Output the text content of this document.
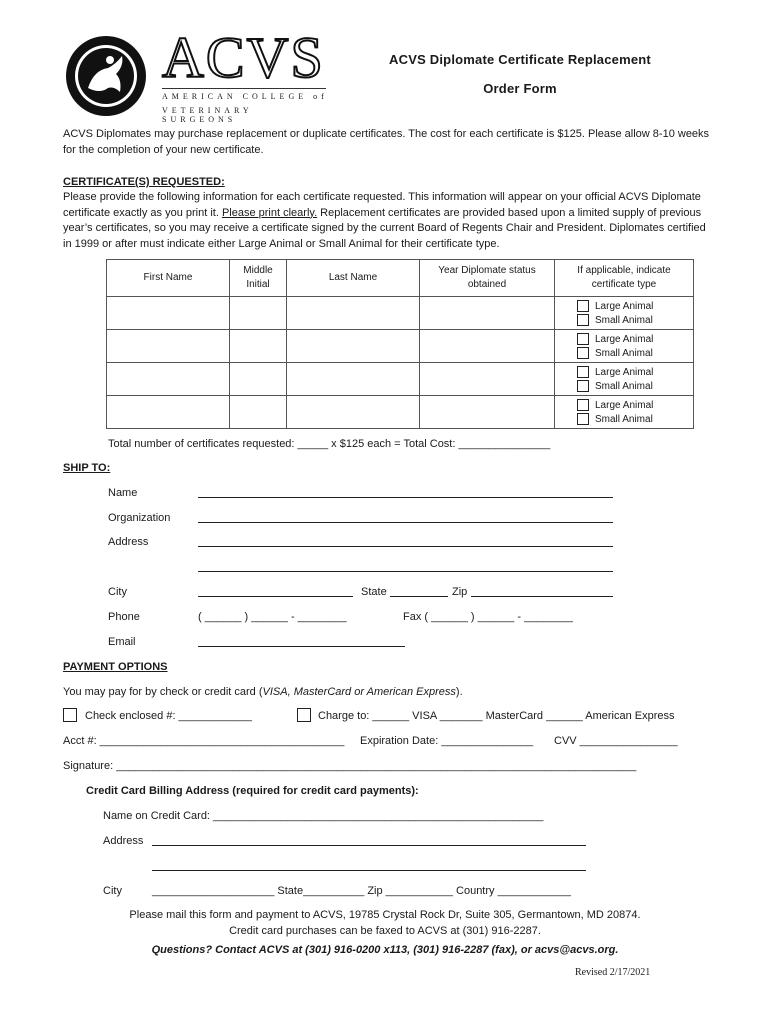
ACVS
AMERICAN COLLEGE of
VETERINARY SURGEONS
ACVS Diplomate Certificate Replacement
Order Form
ACVS Diplomates may purchase replacement or duplicate certificates. The cost for each certificate is $125. Please allow 8-10 weeks for the completion of your new certificate.
CERTIFICATE(S) REQUESTED:
Please provide the following information for each certificate requested. This information will appear on your official ACVS Diplomate certificate exactly as you print it. Please print clearly. Replacement certificates are provided based upon a limited supply of previous year’s certificates, so you may receive a certificate signed by the current Board of Regents Chair and President. Diplomates certified in 1999 or after must indicate either Large Animal or Small Animal for their certificate type.
First Name	Middle Initial	Last Name	Year Diplomate status obtained	If applicable, indicate certificate type

				Large Animal
Small Animal

				Large Animal
Small Animal

				Large Animal
Small Animal

				Large Animal
Small Animal
Total number of certificates requested: _____ x $125 each = Total Cost: _______________
SHIP TO:
Name
Organization
Address
City	State	Zip
Phone	( ______ ) ______ - ________	Fax ( ______ ) ______ - ________
Email
PAYMENT OPTIONS
You may pay for by check or credit card (VISA, MasterCard or American Express).
Check enclosed #: ____________	Charge to: ______ VISA _______ MasterCard ______ American Express
Acct #: ________________________________________ Expiration Date: _______________ CVV ________________
Signature: _____________________________________________________________________________________
Credit Card Billing Address (required for credit card payments):
Name on Credit Card: ______________________________________________________
Address
City	____________________ State__________ Zip ___________ Country ____________
Please mail this form and payment to ACVS, 19785 Crystal Rock Dr, Suite 305, Germantown, MD 20874.
Credit card purchases can be faxed to ACVS at (301) 916-2287.
Questions? Contact ACVS at (301) 916-0200 x113, (301) 916-2287 (fax), or acvs@acvs.org.
Revised 2/17/2021
